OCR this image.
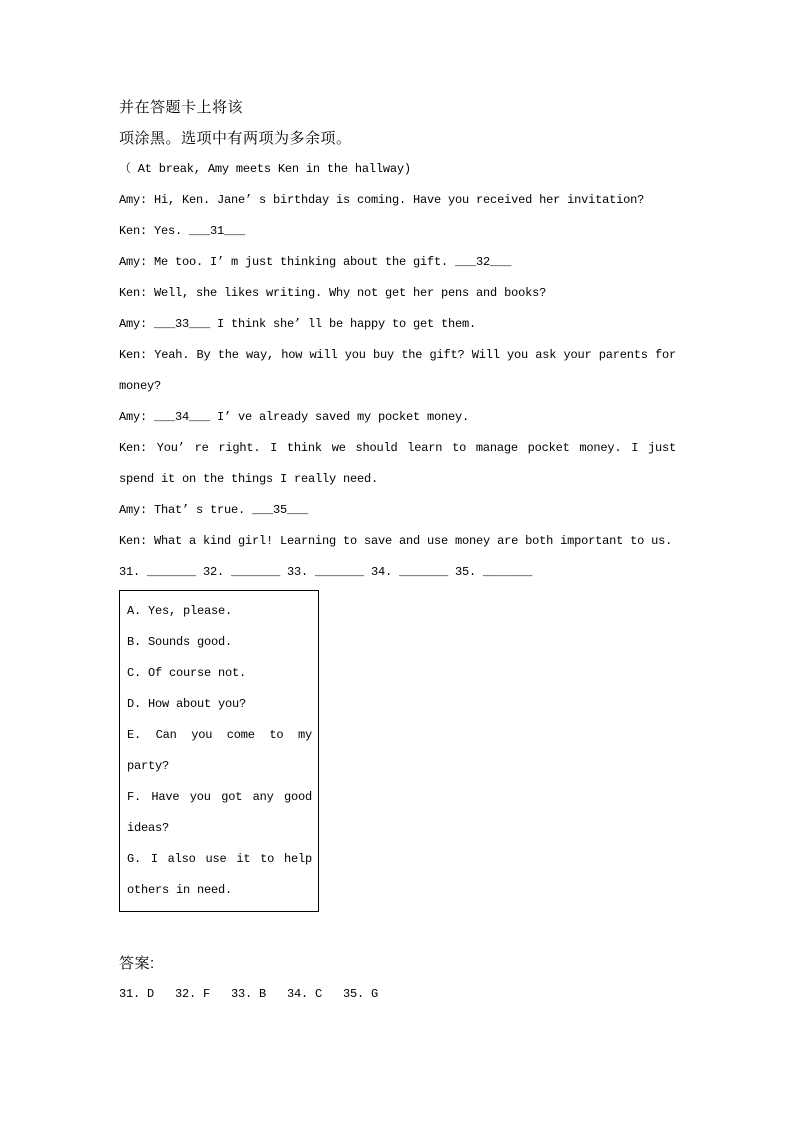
并在答题卡上将该

项涂黑。选项中有两项为多余项。

（ At break, Amy meets Ken in the hallway)

Amy: Hi, Ken. Jane’ s birthday is coming. Have you received her invitation?

Ken: Yes. ___31___

Amy: Me too. I’ m just thinking about the gift. ___32___

Ken: Well, she likes writing. Why not get her pens and books?

Amy: ___33___ I think she’ ll be happy to get them.

Ken: Yeah. By the way, how will you buy the gift? Will you ask your parents for money?

Amy: ___34___ I’ ve already saved my pocket money.

Ken: You’ re right. I think we should learn to manage pocket money. I just spend it on the things I really need.

Amy: That’ s true. ___35___

Ken: What a kind girl! Learning to save and use money are both important to us.

31. _______ 32. _______ 33. _______ 34. _______ 35. _______

A. Yes, please.

B. Sounds good.

C. Of course not.

D. How about you?

E. Can you come to my party?

F. Have you got any good ideas?

G. I also use it to help others in need.

答案:

31. D   32. F   33. B   34. C   35. G
